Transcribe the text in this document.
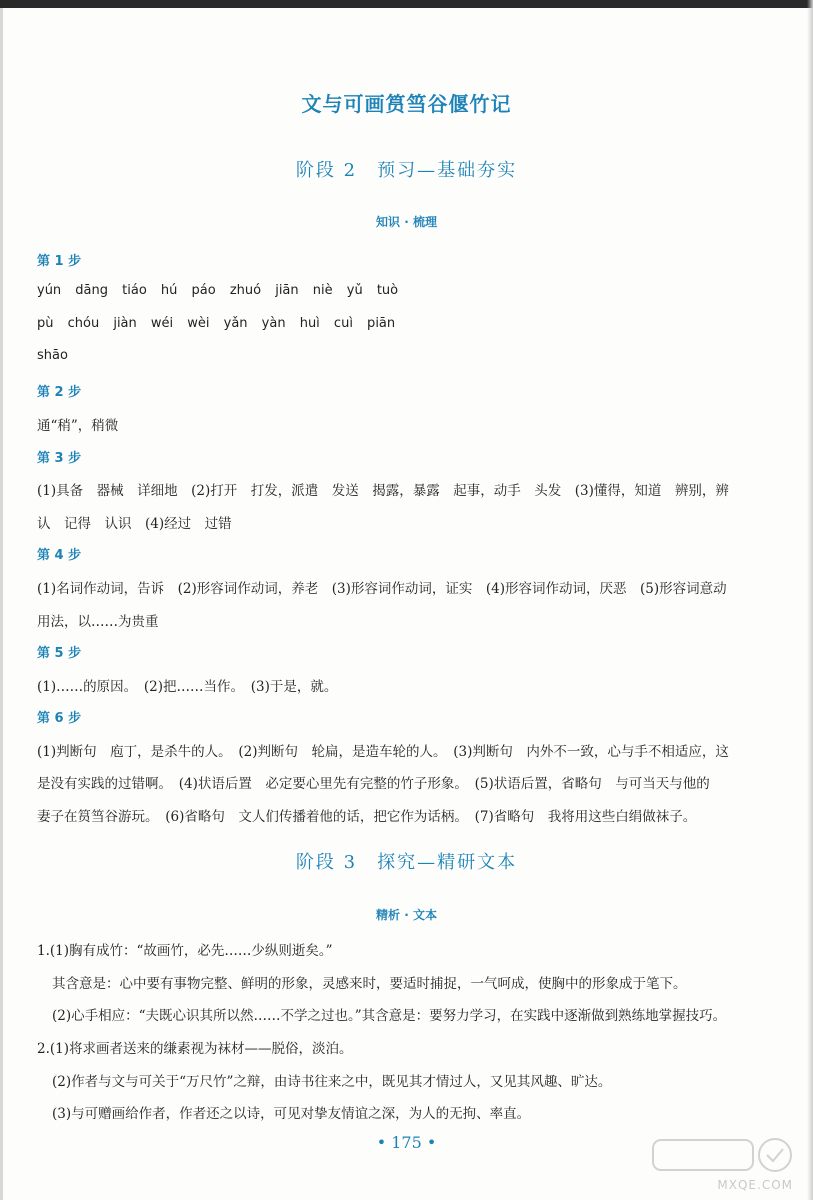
文与可画筼筜谷偃竹记
阶段 2　预习—基础夯实
知识 · 梳理
第 1 步
yún dāng tiáo hú páo zhuó jiān niè yǔ tuò
pù chóu jiàn wéi wèi yǎn yàn huì cuì piān
shāo
第 2 步
通“稍”，稍微
第 3 步
(1)具备　器械　详细地　(2)打开　打发，派遣　发送　揭露，暴露　起事，动手　头发　(3)懂得，知道　辨别，辨
认　记得　认识　(4)经过　过错
第 4 步
(1)名词作动词，告诉　(2)形容词作动词，养老　(3)形容词作动词，证实　(4)形容词作动词，厌恶　(5)形容词意动
用法，以……为贵重
第 5 步
(1)……的原因。　(2)把……当作。　(3)于是，就。
第 6 步
(1)判断句　庖丁，是杀牛的人。　(2)判断句　轮扁，是造车轮的人。　(3)判断句　内外不一致，心与手不相适应，这
是没有实践的过错啊。　(4)状语后置　必定要心里先有完整的竹子形象。　(5)状语后置，省略句　与可当天与他的
妻子在筼筜谷游玩。　(6)省略句　文人们传播着他的话，把它作为话柄。　(7)省略句　我将用这些白绢做袜子。
阶段 3　探究—精研文本
精析 · 文本
1.(1)胸有成竹：“故画竹，必先……少纵则逝矣。”
其含意是：心中要有事物完整、鲜明的形象，灵感来时，要适时捕捉，一气呵成，使胸中的形象成于笔下。
(2)心手相应：“夫既心识其所以然……不学之过也。”其含意是：要努力学习，在实践中逐渐做到熟练地掌握技巧。
2.(1)将求画者送来的缣素视为袜材——脱俗，淡泊。
(2)作者与文与可关于“万尺竹”之辩，由诗书往来之中，既见其才情过人，又见其风趣、旷达。
(3)与可赠画给作者，作者还之以诗，可见对挚友情谊之深，为人的无拘、率直。
• 175 •
MXQE.COM
